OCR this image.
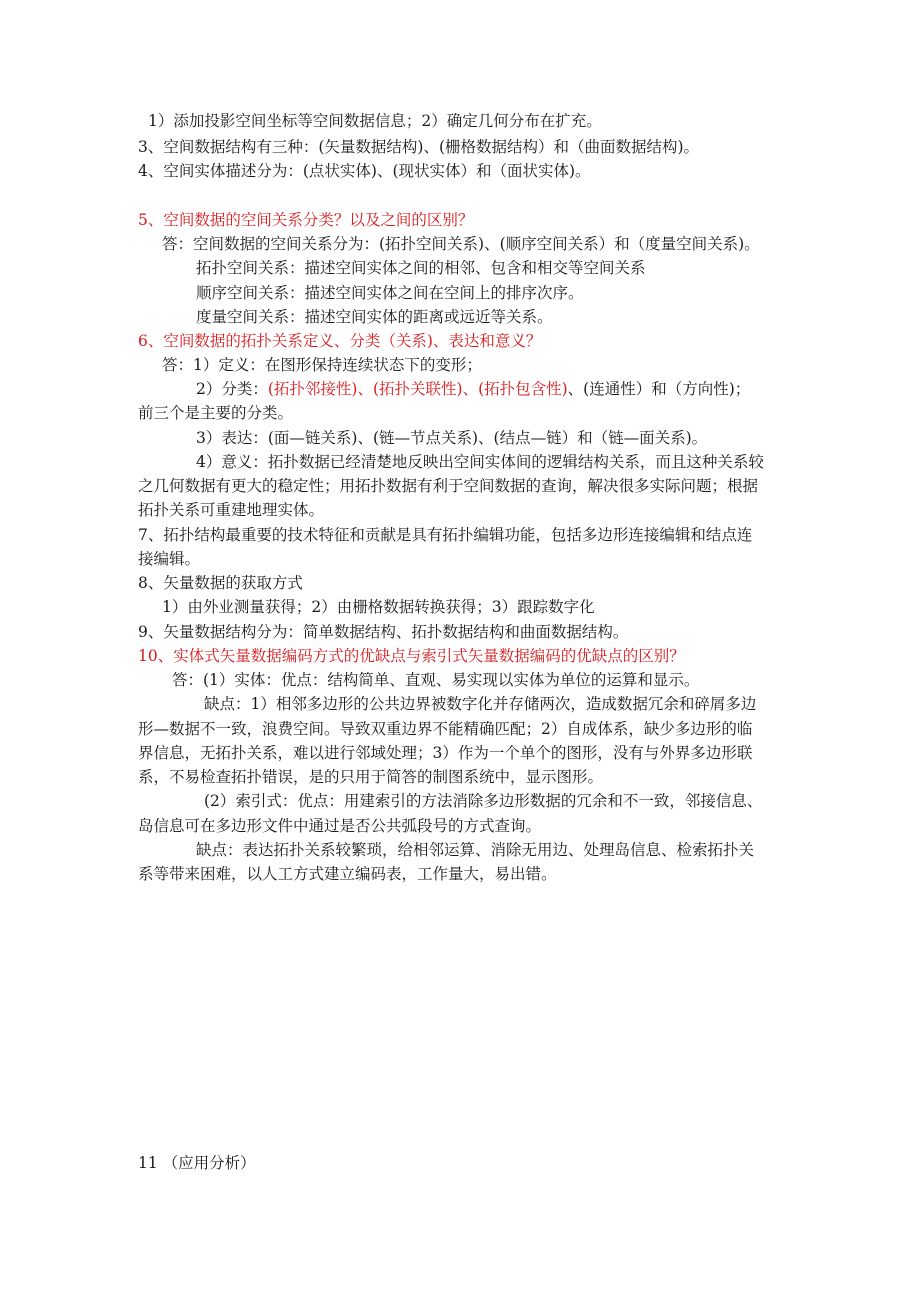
1）添加投影空间坐标等空间数据信息；2）确定几何分布在扩充。
3、空间数据结构有三种：(矢量数据结构)、(栅格数据结构）和（曲面数据结构)。
4、空间实体描述分为：(点状实体)、(现状实体）和（面状实体)。
5、空间数据的空间关系分类？以及之间的区别？
答：空间数据的空间关系分为：(拓扑空间关系)、(顺序空间关系）和（度量空间关系)。
拓扑空间关系：描述空间实体之间的相邻、包含和相交等空间关系
顺序空间关系：描述空间实体之间在空间上的排序次序。
度量空间关系：描述空间实体的距离或远近等关系。
6、空间数据的拓扑关系定义、分类（关系)、表达和意义？
答：1）定义：在图形保持连续状态下的变形；
2）分类：(拓扑邻接性)、(拓扑关联性)、(拓扑包含性)、(连通性）和（方向性)；
前三个是主要的分类。
3）表达：(面—链关系)、(链—节点关系)、(结点—链）和（链—面关系)。
4）意义：拓扑数据已经清楚地反映出空间实体间的逻辑结构关系，而且这种关系较
之几何数据有更大的稳定性；用拓扑数据有利于空间数据的查询，解决很多实际问题；根据
拓扑关系可重建地理实体。
7、拓扑结构最重要的技术特征和贡献是具有拓扑编辑功能，包括多边形连接编辑和结点连
接编辑。
8、矢量数据的获取方式
1）由外业测量获得；2）由栅格数据转换获得；3）跟踪数字化
9、矢量数据结构分为：简单数据结构、拓扑数据结构和曲面数据结构。
10、实体式矢量数据编码方式的优缺点与索引式矢量数据编码的优缺点的区别？
答：(1）实体：优点：结构简单、直观、易实现以实体为单位的运算和显示。
缺点：1）相邻多边形的公共边界被数字化并存储两次，造成数据冗余和碎屑多边
形—数据不一致，浪费空间。导致双重边界不能精确匹配；2）自成体系，缺少多边形的临
界信息，无拓扑关系，难以进行邻域处理；3）作为一个单个的图形，没有与外界多边形联
系，不易检查拓扑错误，是的只用于简答的制图系统中，显示图形。
(2）索引式：优点：用建索引的方法消除多边形数据的冗余和不一致，邻接信息、
岛信息可在多边形文件中通过是否公共弧段号的方式查询。
缺点：表达拓扑关系较繁琐，给相邻运算、消除无用边、处理岛信息、检索拓扑关
系等带来困难，以人工方式建立编码表，工作量大，易出错。
11 （应用分析）
